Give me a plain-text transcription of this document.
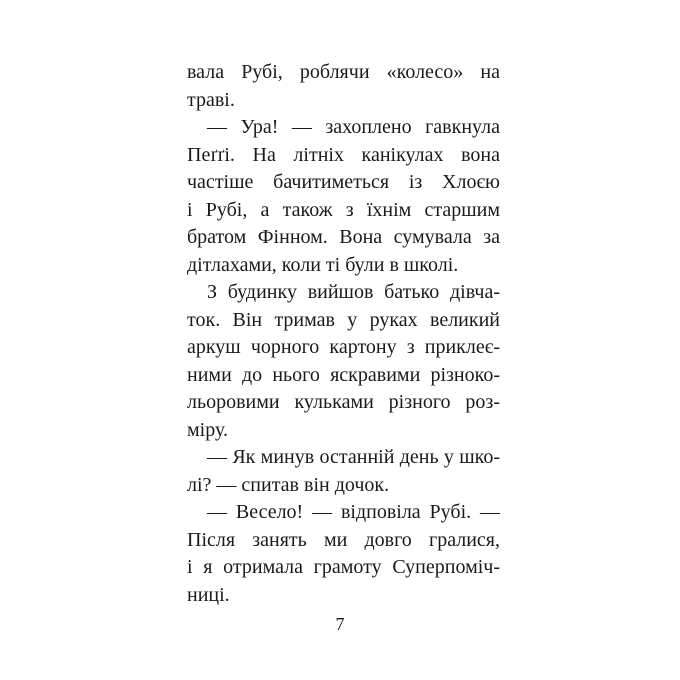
вала Рубі, роблячи «колесо» на
траві.
— Ура! — захоплено гавкнула
Пеґґі. На літніх канікулах вона
частіше бачитиметься із Хлоєю
і Рубі, а також з їхнім старшим
братом Фінном. Вона сумувала за
дітлахами, коли ті були в школі.
З будинку вийшов батько дівча-
ток. Він тримав у руках великий
аркуш чорного картону з приклеє-
ними до нього яскравими різноко-
льоровими кульками різного роз-
міру.
— Як минув останній день у шко-
лі? — спитав він дочок.
— Весело! — відповіла Рубі. —
Після занять ми довго гралися,
і я отримала грамоту Суперпоміч-
ниці.
7
